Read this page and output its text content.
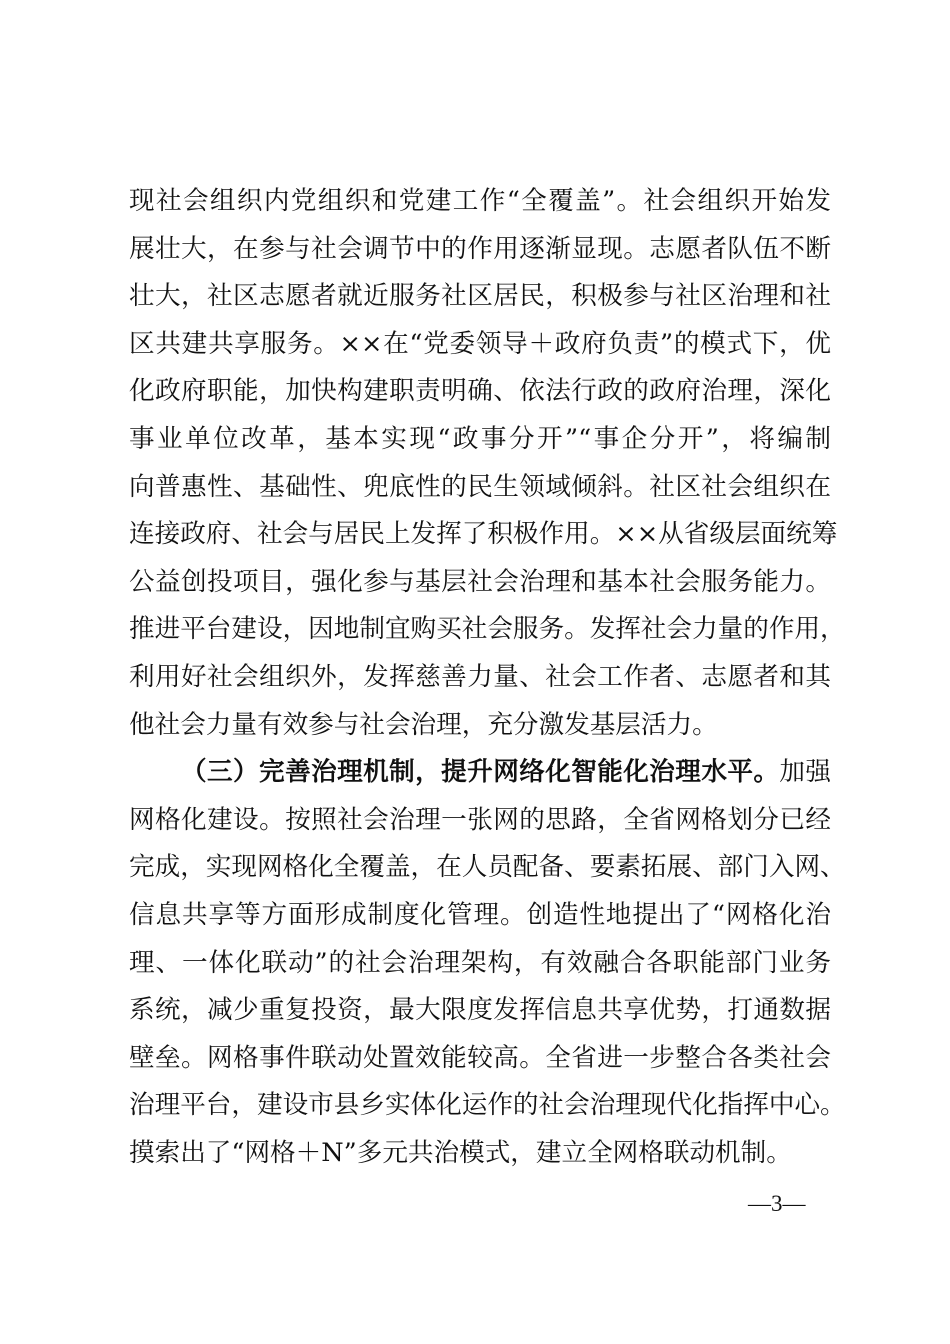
现社会组织内党组织和党建工作“全覆盖”。社会组织开始发
展壮大，在参与社会调节中的作用逐渐显现。志愿者队伍不断
壮大，社区志愿者就近服务社区居民，积极参与社区治理和社
区共建共享服务。××在“党委领导＋政府负责”的模式下，优
化政府职能，加快构建职责明确、依法行政的政府治理，深化
事业单位改革，基本实现“政事分开”“事企分开”，将编制
向普惠性、基础性、兜底性的民生领域倾斜。社区社会组织在
连接政府、社会与居民上发挥了积极作用。××从省级层面统筹
公益创投项目，强化参与基层社会治理和基本社会服务能力。
推进平台建设，因地制宜购买社会服务。发挥社会力量的作用，
利用好社会组织外，发挥慈善力量、社会工作者、志愿者和其
他社会力量有效参与社会治理，充分激发基层活力。
（三）完善治理机制，提升网络化智能化治理水平。加强
网格化建设。按照社会治理一张网的思路，全省网格划分已经
完成，实现网格化全覆盖，在人员配备、要素拓展、部门入网、
信息共享等方面形成制度化管理。创造性地提出了“网格化治
理、一体化联动”的社会治理架构，有效融合各职能部门业务
系统，减少重复投资，最大限度发挥信息共享优势，打通数据
壁垒。网格事件联动处置效能较高。全省进一步整合各类社会
治理平台，建设市县乡实体化运作的社会治理现代化指挥中心。
摸索出了“网格＋N”多元共治模式，建立全网格联动机制。
—3—
